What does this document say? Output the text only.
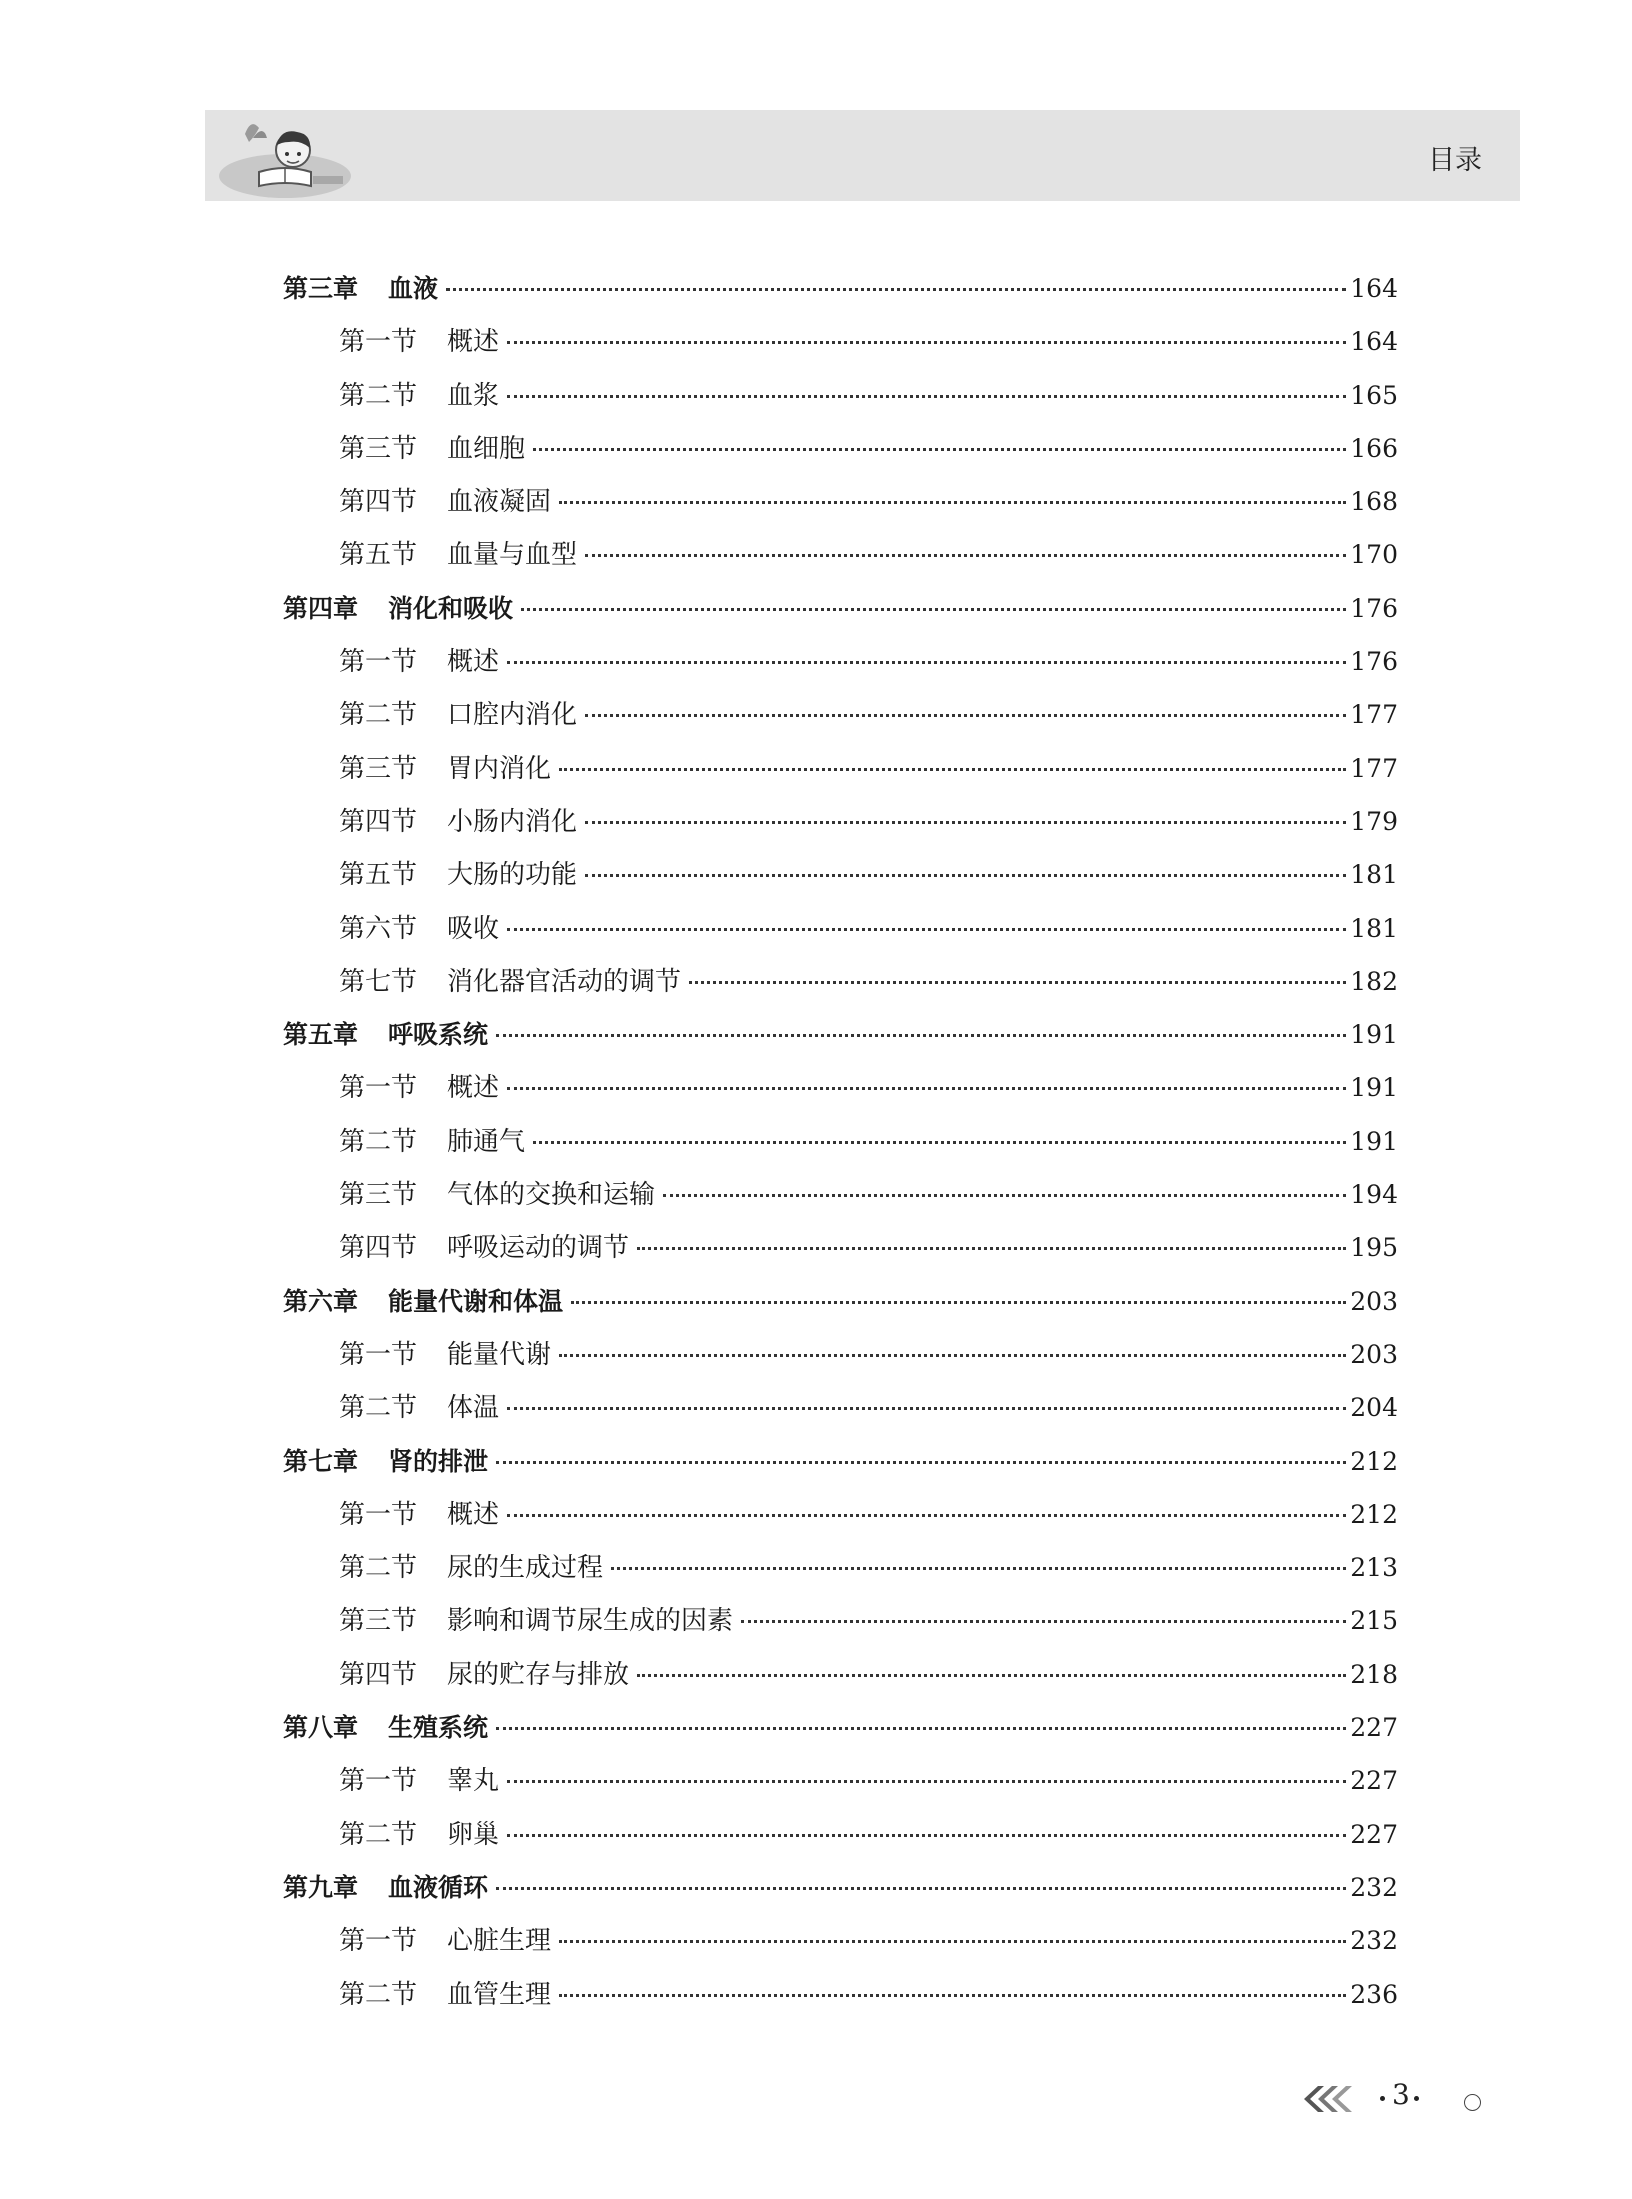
目录
第三章 血液	164
第一节 概述	164
第二节 血浆	165
第三节 血细胞	166
第四节 血液凝固	168
第五节 血量与血型	170
第四章 消化和吸收	176
第一节 概述	176
第二节 口腔内消化	177
第三节 胃内消化	177
第四节 小肠内消化	179
第五节 大肠的功能	181
第六节 吸收	181
第七节 消化器官活动的调节	182
第五章 呼吸系统	191
第一节 概述	191
第二节 肺通气	191
第三节 气体的交换和运输	194
第四节 呼吸运动的调节	195
第六章 能量代谢和体温	203
第一节 能量代谢	203
第二节 体温	204
第七章 肾的排泄	212
第一节 概述	212
第二节 尿的生成过程	213
第三节 影响和调节尿生成的因素	215
第四节 尿的贮存与排放	218
第八章 生殖系统	227
第一节 睾丸	227
第二节 卵巢	227
第九章 血液循环	232
第一节 心脏生理	232
第二节 血管生理	236
3
